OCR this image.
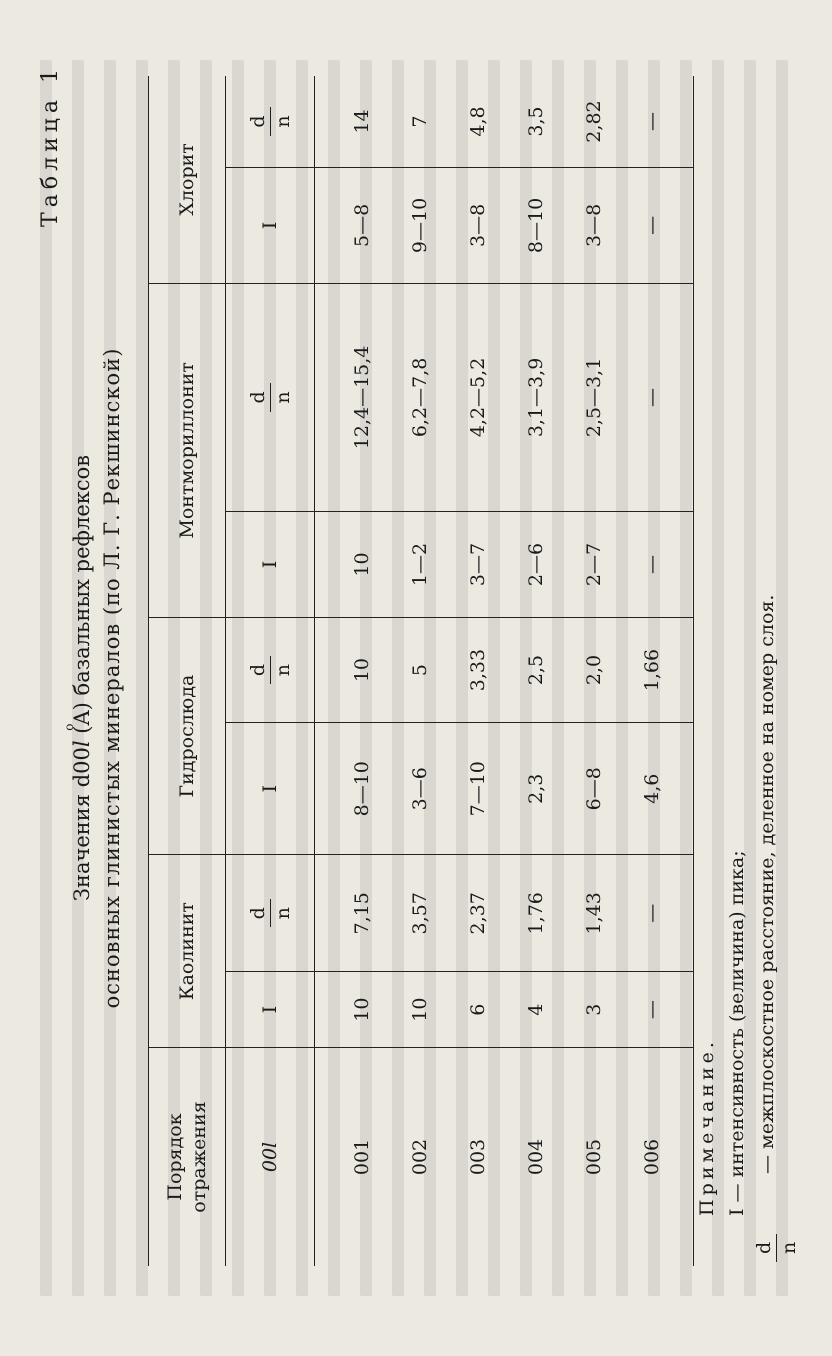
Таблица 1
Значения d00l o (A) базальных рефлексов основных глинистых минералов (по Л. Г. Рекшинской)
Порядок отражения	Каолинит		Гидрослюда		Монтмориллонит		Хлорит	
00l	I	d n	I	d n	I	d n	I	d n

001	10	7,15	8—10	10	10	12,4—15,4	5—8	14
002	10	3,57	3—6	5	1—2	6,2—7,8	9—10	7
003	6	2,37	7—10	3,33	3—7	4,2—5,2	3—8	4,8
004	4	1,76	2,3	2,5	2—6	3,1—3,9	8—10	3,5
005	3	1,43	6—8	2,0	2—7	2,5—3,1	3—8	2,82
006	—	—	4,6	1,66	—	—	—	—
Примечание. I — интенсивность (величина) пика;
d n
— межплоскостное расстояние, деленное на номер слоя.
